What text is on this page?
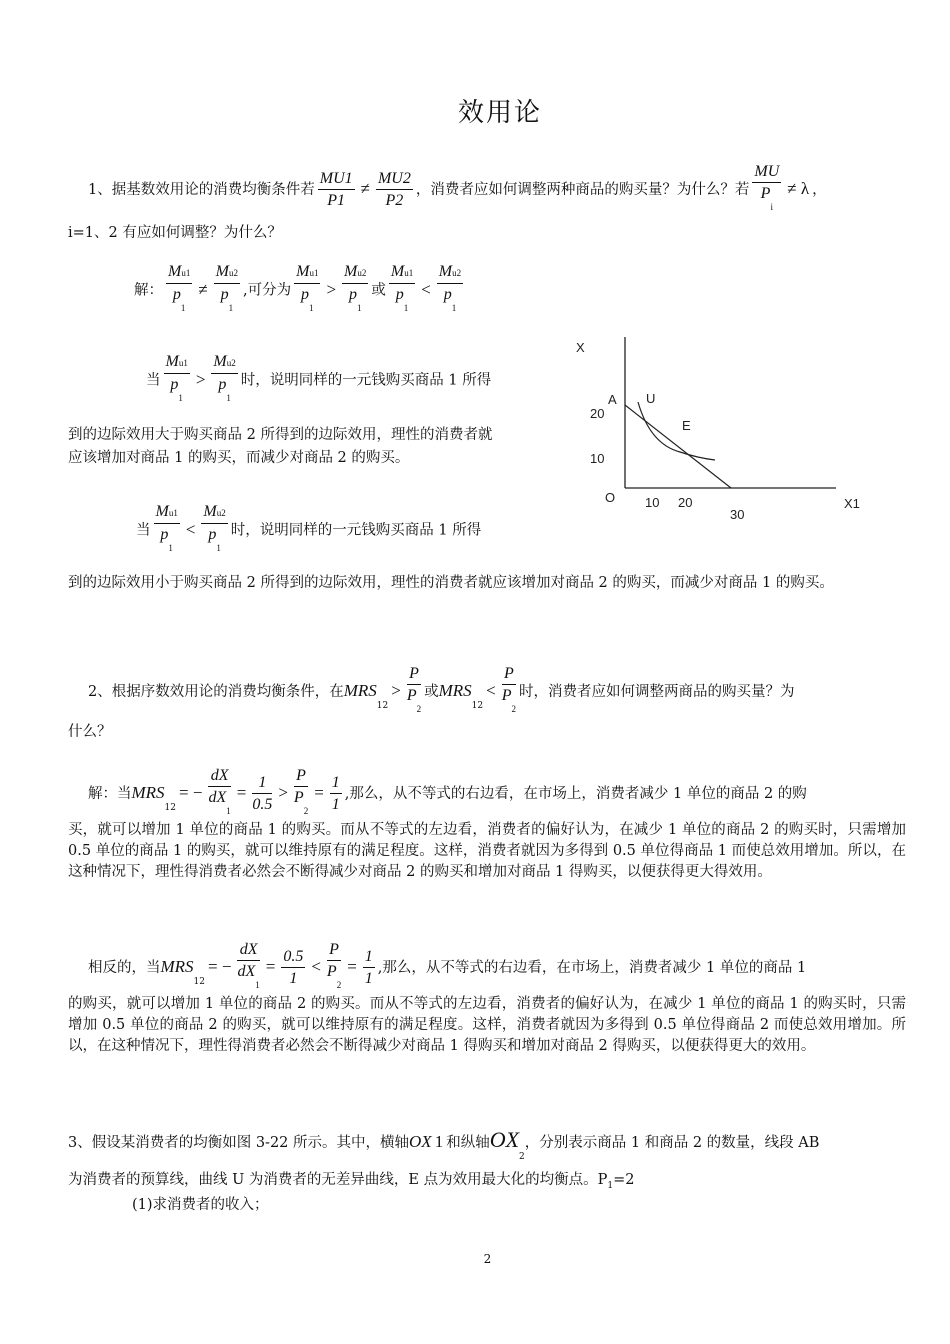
效用论
1、据基数效用论的消费均衡条件若 $\frac{MU1}{P1} \ne \frac{MU2}{P2}$ ，消费者应如何调整两种商品的购买量？为什么？若 $\frac{MU}{P_i} \ne \lambda$ ，
i=1、2 有应如何调整？为什么？
解： $\frac{Mu1}{p_1} \ne \frac{Mu2}{p_1}$ ,可分为 $\frac{Mu1}{p_1} > \frac{Mu2}{p_1}$ 或 $\frac{Mu1}{p_1} < \frac{Mu2}{p_1}$
当 $\frac{Mu1}{p_1} > \frac{Mu2}{p_1}$ 时，说明同样的一元钱购买商品 1 所得
到的边际效用大于购买商品 2 所得到的边际效用，理性的消费者就
应该增加对商品 1 的购买，而减少对商品 2 的购买。
当 $\frac{Mu1}{p_1} < \frac{Mu2}{p_1}$ 时，说明同样的一元钱购买商品 1 所得
到的边际效用小于购买商品 2 所得到的边际效用，理性的消费者就应该增加对商品 2 的购买，而减少对商品 1 的购买。
X
X1
O
A U
E
20
10
10 20
30
2、根据序数效用论的消费均衡条件，在$MRS_{12}> \frac{P}{P_2}$ 或$MRS_{12}< \frac{P}{P_2}$ 时，消费者应如何调整两商品的购买量？为
什么？
解：当$MRS_{12}= - \frac{dX}{dX_1} = \frac{1}{0.5} > \frac{P}{P_2} = \frac{1}{1}$ ,那么，从不等式的右边看，在市场上，消费者减少 1 单位的商品 2 的购
买，就可以增加 1 单位的商品 1 的购买。而从不等式的左边看，消费者的偏好认为，在减少 1 单位的商品 2 的购买时，只需增加 0.5 单位的商品 1 的购买，就可以维持原有的满足程度。这样，消费者就因为多得到 0.5 单位得商品 1 而使总效用增加。所以，在这种情况下，理性得消费者必然会不断得减少对商品 2 的购买和增加对商品 1 得购买，以便获得更大得效用。
相反的，当$MRS_{12}= - \frac{dX}{dX_1} = \frac{0.5}{1} < \frac{P}{P_2} = \frac{1}{1}$ ,那么，从不等式的右边看，在市场上，消费者减少 1 单位的商品 1
的购买，就可以增加 1 单位的商品 2 的购买。而从不等式的左边看，消费者的偏好认为，在减少 1 单位的商品 1 的购买时，只需增加 0.5 单位的商品 2 的购买，就可以维持原有的满足程度。这样，消费者就因为多得到 0.5 单位得商品 2 而使总效用增加。所以，在这种情况下，理性得消费者必然会不断得减少对商品 1 得购买和增加对商品 2 得购买，以便获得更大的效用。
3、假设某消费者的均衡如图 3-22 所示。其中，横轴OX 1 和纵轴$OX_2$，分别表示商品 1 和商品 2 的数量，线段 AB
为消费者的预算线，曲线 U 为消费者的无差异曲线，E 点为效用最大化的均衡点。$P_1=2$
(1)求消费者的收入；
2
